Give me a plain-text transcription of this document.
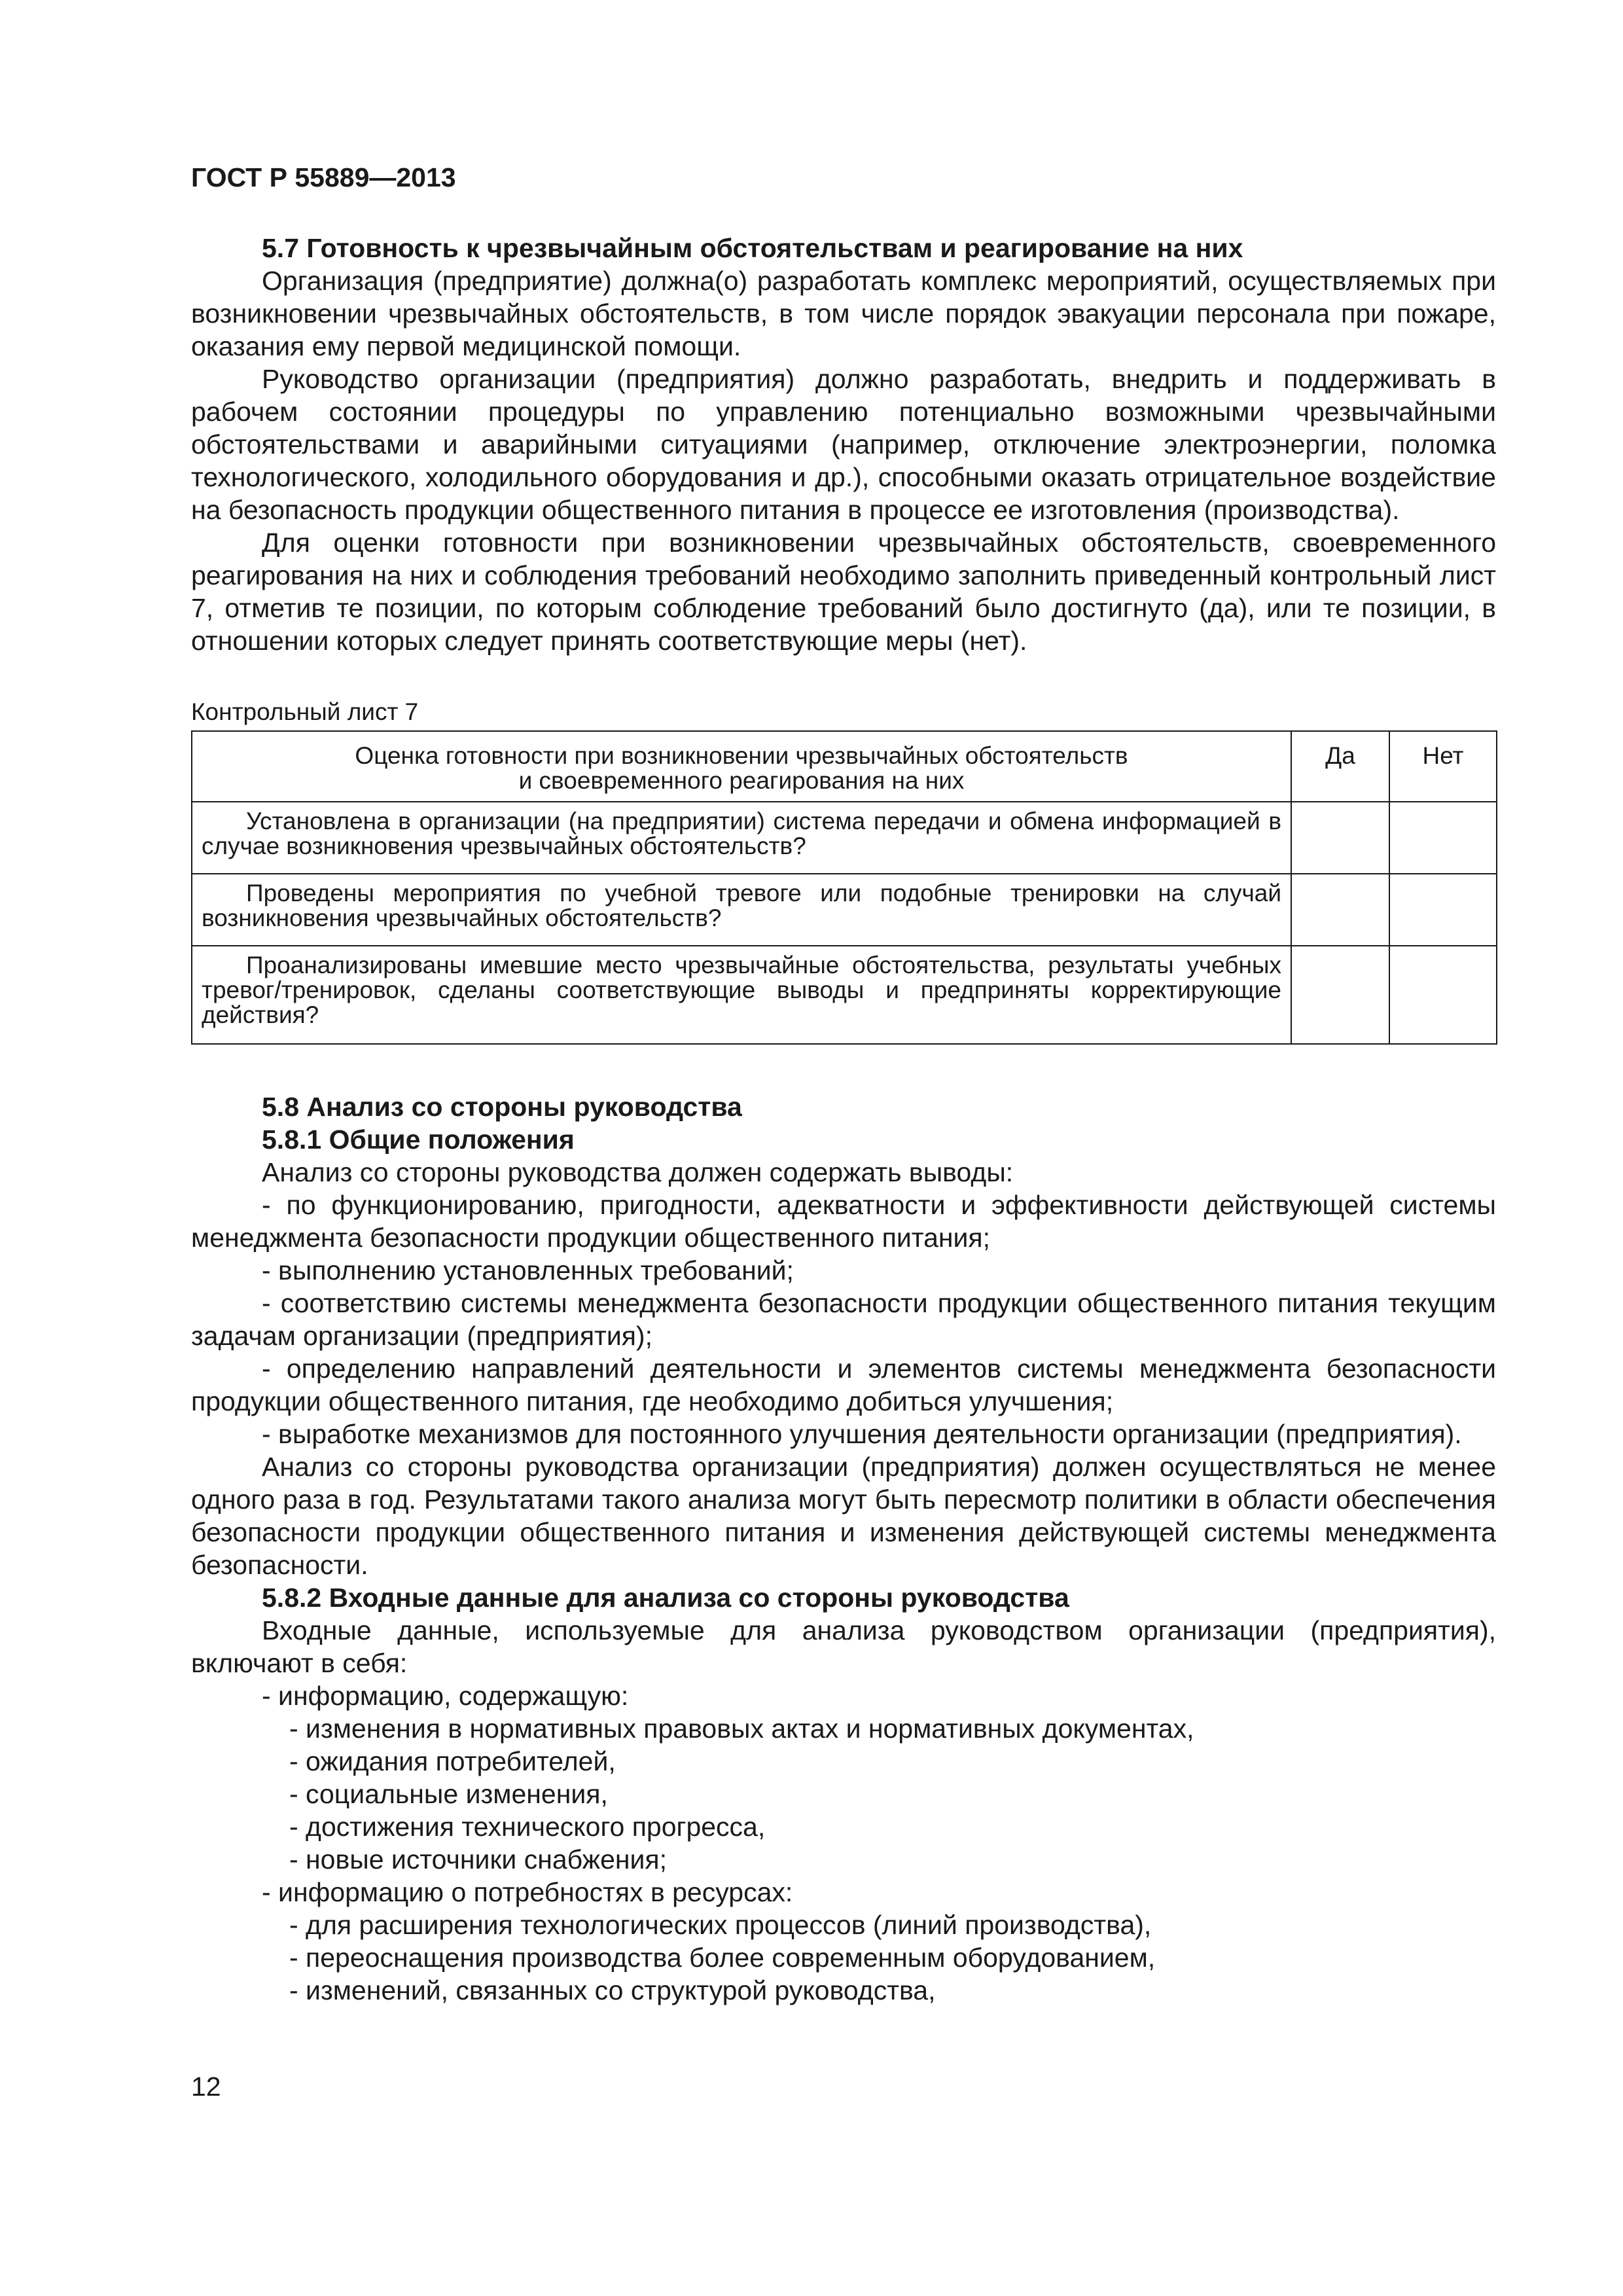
ГОСТ Р 55889—2013

5.7 Готовность к чрезвычайным обстоятельствам и реагирование на них

Организация (предприятие) должна(о) разработать комплекс мероприятий, осуществляемых при возникновении чрезвычайных обстоятельств, в том числе порядок эвакуации персонала при пожаре, оказания ему первой медицинской помощи.

Руководство организации (предприятия) должно разработать, внедрить и поддерживать в рабочем состоянии процедуры по управлению потенциально возможными чрезвычайными обстоятельствами и аварийными ситуациями (например, отключение электроэнергии, поломка технологического, холодильного оборудования и др.), способными оказать отрицательное воздействие на безопасность продукции общественного питания в процессе ее изготовления (производства).

Для оценки готовности при возникновении чрезвычайных обстоятельств, своевременного реагирования на них и соблюдения требований необходимо заполнить приведенный контрольный лист 7, отметив те позиции, по которым соблюдение требований было достигнуто (да), или те позиции, в отношении которых следует принять соответствующие меры (нет).

Контрольный лист 7
Оценка готовности при возникновении чрезвычайных обстоятельств
и своевременного реагирования на них	Да	Нет
Установлена в организации (на предприятии) система передачи и обмена информацией в случае возникновения чрезвычайных обстоятельств?		
Проведены мероприятия по учебной тревоге или подобные тренировки на случай возникновения чрезвычайных обстоятельств?		
Проанализированы имевшие место чрезвычайные обстоятельства, результаты учебных тревог/тренировок, сделаны соответствующие выводы и предприняты корректирующие действия?		

5.8 Анализ со стороны руководства

5.8.1 Общие положения

Анализ со стороны руководства должен содержать выводы:

- по функционированию, пригодности, адекватности и эффективности действующей системы менеджмента безопасности продукции общественного питания;

- выполнению установленных требований;

- соответствию системы менеджмента безопасности продукции общественного питания текущим задачам организации (предприятия);

- определению направлений деятельности и элементов системы менеджмента безопасности продукции общественного питания, где необходимо добиться улучшения;

- выработке механизмов для постоянного улучшения деятельности организации (предприятия).

Анализ со стороны руководства организации (предприятия) должен осуществляться не менее одного раза в год. Результатами такого анализа могут быть пересмотр политики в области обеспечения безопасности продукции общественного питания и изменения действующей системы менеджмента безопасности.

5.8.2 Входные данные для анализа со стороны руководства

Входные данные, используемые для анализа руководством организации (предприятия), включают в себя:

- информацию, содержащую:

- изменения в нормативных правовых актах и нормативных документах,

- ожидания потребителей,

- социальные изменения,

- достижения технического прогресса,

- новые источники снабжения;

- информацию о потребностях в ресурсах:

- для расширения технологических процессов (линий производства),

- переоснащения производства более современным оборудованием,

- изменений, связанных со структурой руководства,

12
